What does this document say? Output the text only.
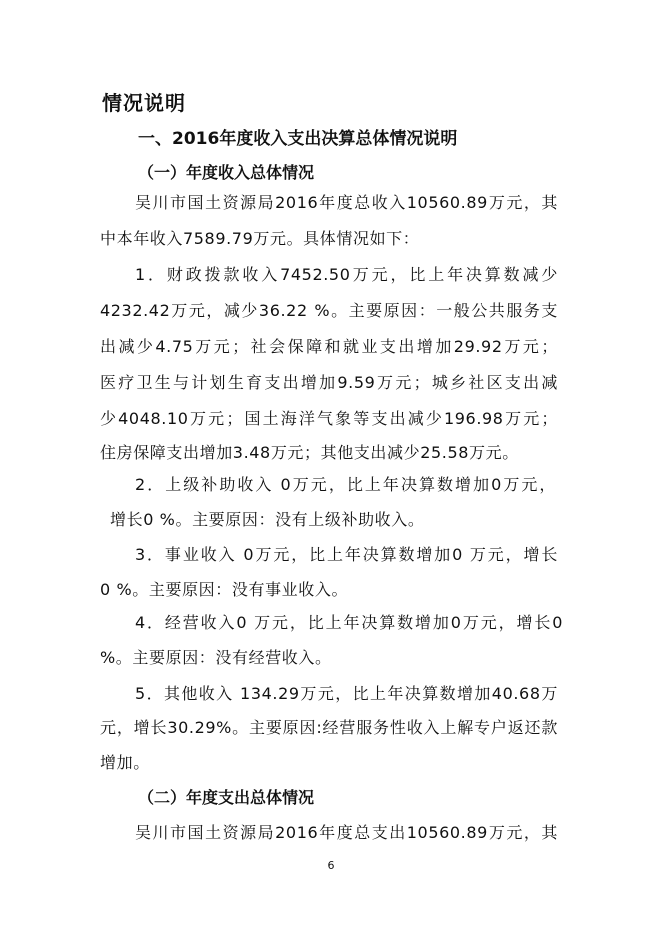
情况说明
一、2016年度收入支出决算总体情况说明
（一）年度收入总体情况
吴川市国土资源局2016年度总收入10560.89万元，其
中本年收入7589.79万元。具体情况如下：
1．财政拨款收入7452.50万元，比上年决算数减少
4232.42万元，减少36.22 %。主要原因：一般公共服务支
出减少4.75万元；社会保障和就业支出增加29.92万元；
医疗卫生与计划生育支出增加9.59万元；城乡社区支出减
少4048.10万元；国土海洋气象等支出减少196.98万元；
住房保障支出增加3.48万元；其他支出减少25.58万元。
2．上级补助收入 0万元，比上年决算数增加0万元，
增长0 %。主要原因：没有上级补助收入。
3．事业收入 0万元，比上年决算数增加0 万元，增长
0 %。主要原因：没有事业收入。
4．经营收入0 万元，比上年决算数增加0万元，增长0
%。主要原因：没有经营收入。
5．其他收入 134.29万元，比上年决算数增加40.68万
元，增长30.29%。主要原因:经营服务性收入上解专户返还款
增加。
（二）年度支出总体情况
吴川市国土资源局2016年度总支出10560.89万元，其
6
